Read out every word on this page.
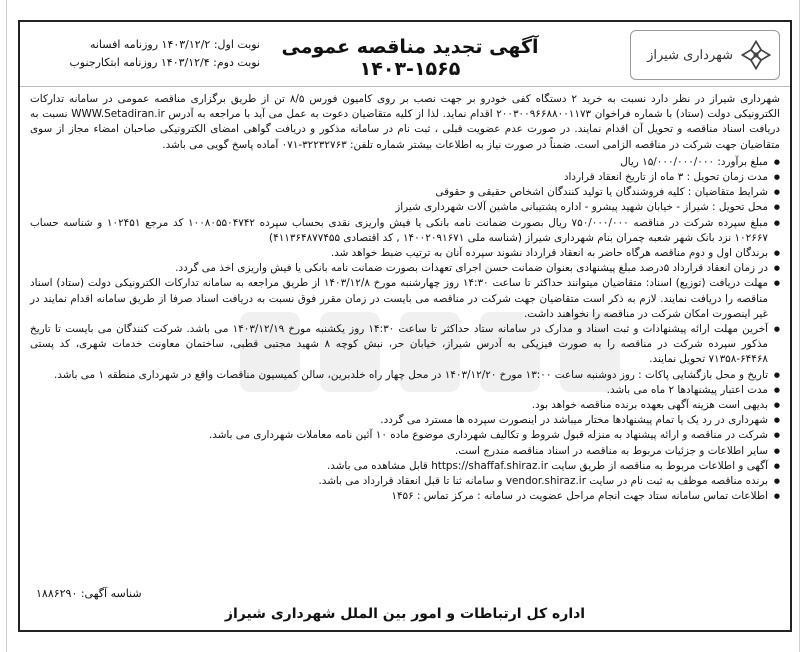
شهرداری شیراز
آگهی تجدید مناقصه عمومی ۱۵۶۵-۱۴۰۳
نوبت اول: ۱۴۰۳/۱۲/۲ روزنامه افسانه
نوبت دوم: ۱۴۰۳/۱۲/۴ روزنامه ابتکارجنوب

شهرداری شیراز در نظر دارد نسبت به خرید ۲ دستگاه کفی خودرو بر جهت نصب بر روی کامیون فورس ۸/۵ تن از طریق برگزاری مناقصه عمومی در سامانه تدارکات الکترونیکی دولت (ستاد) با شماره فراخوان ۲۰۰۳۰۰۹۶۶۸۸۰۰۱۱۷۳ اقدام نماید. لذا از کلیه متقاضیان دعوت به عمل می آید با مراجعه به آدرس WWW.Setadiran.ir نسبت به دریافت اسناد مناقصه و تحویل آن اقدام نمایند. در صورت عدم عضویت قبلی ، ثبت نام در سامانه مذکور و دریافت گواهی امضای الکترونیکی صاحبان امضاء مجاز از سوی متقاضیان جهت شرکت در مناقصه الزامی است. ضمناً در صورت نیاز به اطلاعات بیشتر شماره تلفن: ۳۲۲۳۲۷۶۳-۰۷۱ آماده پاسخ گویی می باشد.

● مبلغ برآورد: ۱۵/۰۰۰/۰۰۰/۰۰۰ ریال
● مدت زمان تحویل : ۳ ماه از تاریخ انعقاد قرارداد
● شرایط متقاضیان : کلیه فروشندگان یا تولید کنندگان اشخاص حقیقی و حقوقی
● محل تحویل : شیراز - خیابان شهید پیشرو - اداره پشتیبانی ماشین آلات شهرداری شیراز
● مبلغ سپرده شرکت در مناقصه ۷۵۰/۰۰۰/۰۰۰ ریال بصورت ضمانت نامه بانکی یا فیش واریزی نقدی بحساب سپرده ۱۰۰۸۰۵۵۰۴۷۴۲ کد مرجع ۱۰۲۴۵۱ و شناسه حساب ۱۰۲۶۶۷ نزد بانک شهر شعبه چمران بنام شهرداری شیراز (شناسه ملی ۱۴۰۰۲۰۹۱۶۷۱ , کد اقتصادی ۴۱۱۳۶۴۸۷۷۴۵۵)
● برندگان اول و دوم مناقصه هرگاه حاضر به انعقاد قرارداد نشوند سپرده آنان به ترتیب ضبط خواهد شد.
● در زمان انعقاد قرارداد ۵درصد مبلغ پیشنهادی بعنوان ضمانت حسن اجرای تعهدات بصورت ضمانت نامه بانکی یا فیش واریزی اخذ می گردد.
● مهلت دریافت (توزیع) اسناد: متقاضیان میتوانند حداکثر تا ساعت ۱۴:۳۰ روز چهارشنبه مورخ ۱۴۰۳/۱۲/۸ از طریق مراجعه به سامانه تدارکات الکترونیکی دولت (ستاد) اسناد مناقصه را دریافت نمایند. لازم به ذکر است متقاضیان جهت شرکت در مناقصه می بایست در زمان مقرر فوق نسبت به دریافت اسناد صرفا از طریق سامانه اقدام نمایند در غیر اینصورت امکان شرکت در مناقصه را نخواهند داشت.
● آخرین مهلت ارائه پیشنهادات و ثبت اسناد و مدارک در سامانه ستاد حداکثر تا ساعت ۱۴:۳۰ روز یکشنبه مورخ ۱۴۰۳/۱۲/۱۹ می باشد. شرکت کنندگان می بایست تا تاریخ مذکور سپرده شرکت در مناقصه را به صورت فیزیکی به آدرس شیراز، خیابان حر، نبش کوچه ۸ شهید مجتبی قطبی، ساختمان معاونت خدمات شهری، کد پستی ۶۴۴۶۸-۷۱۳۵۸ تحویل نمایند.
● تاریخ و محل بازگشایی پاکات : روز دوشنبه ساعت ۱۳:۰۰ مورخ ۱۴۰۳/۱۲/۲۰ در محل چهار راه خلدبرین، سالن کمیسیون مناقصات واقع در شهرداری منطقه ۱ می باشد.
● مدت اعتبار پیشنهادها ۲ ماه می باشد.
● بدیهی است هزینه آگهی بعهده برنده مناقصه خواهد بود.
● شهرداری در رد یک یا تمام پیشنهادها مختار میباشد در اینصورت سپرده ها مسترد می گردد.
● شرکت در مناقصه و ارائه پیشنهاد به منزله قبول شروط و تکالیف شهرداری موضوع ماده ۱۰ آئین نامه معاملات شهرداری می باشد.
● سایر اطلاعات و جزئیات مربوط به مناقصه در اسناد مناقصه مندرج است.
● آگهی و اطلاعات مربوط به مناقصه از طریق سایت https://shaffaf.shiraz.ir قابل مشاهده می باشد.
● برنده مناقصه موظف به ثبت نام در سایت vendor.shiraz.ir و سامانه ثنا تا قبل انعقاد قرارداد می باشد.
● اطلاعات تماس سامانه ستاد جهت انجام مراحل عضویت در سامانه : مرکز تماس : ۱۴۵۶
شناسه آگهی: ۱۸۸۶۲۹۰
اداره کل ارتباطات و امور بین الملل شهرداری شیراز
